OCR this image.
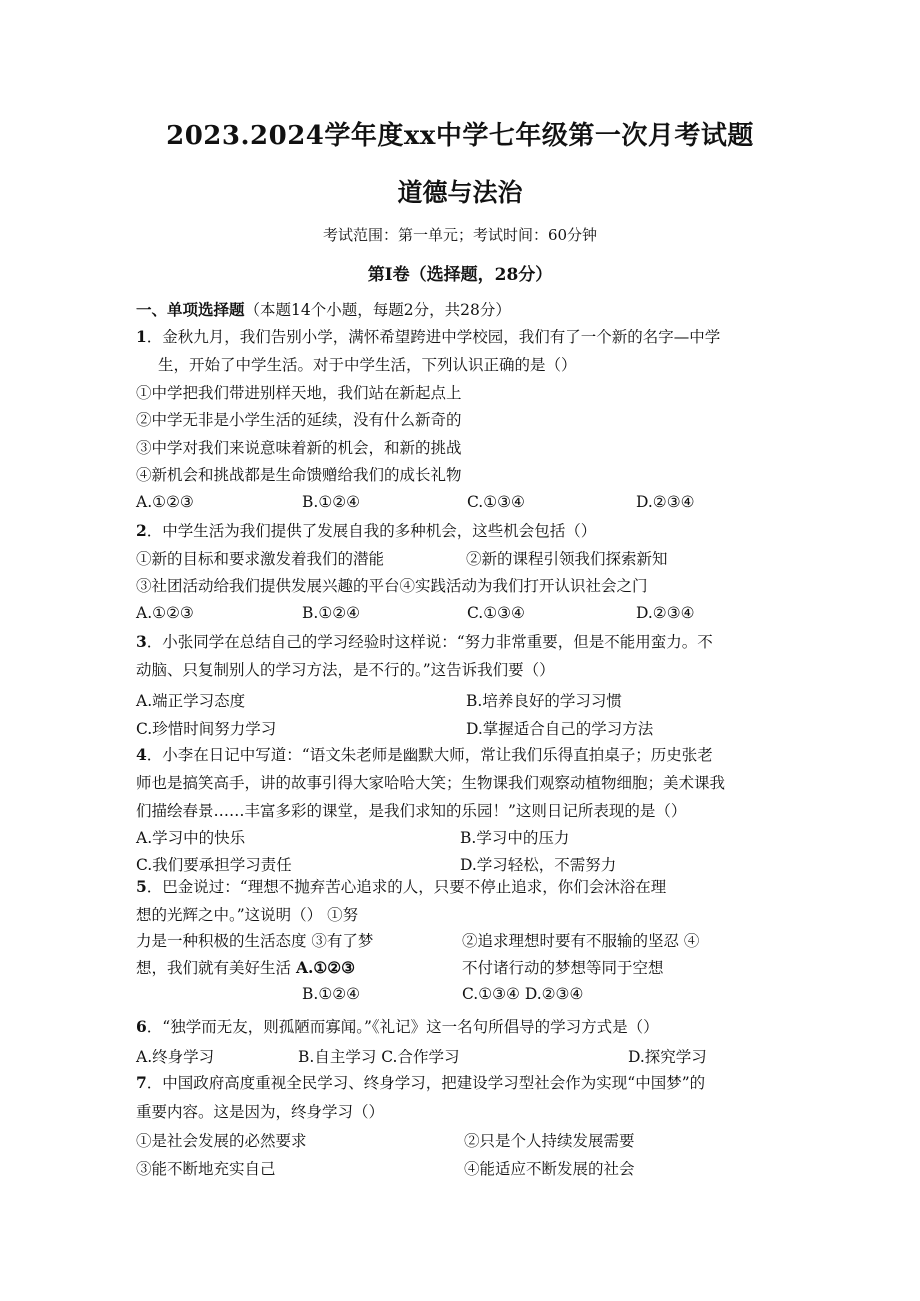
2023.2024学年度xx中学七年级第一次月考试题
道德与法治
考试范围：第一单元；考试时间：60分钟
第Ⅰ卷（选择题，28分）
一、单项选择题（本题14个小题，每题2分，共28分）
1．金秋九月，我们告别小学，满怀希望跨进中学校园，我们有了一个新的名字—中学
生，开始了中学生活。对于中学生活，下列认识正确的是（）
①中学把我们带进别样天地，我们站在新起点上
②中学无非是小学生活的延续，没有什么新奇的
③中学对我们来说意味着新的机会，和新的挑战
④新机会和挑战都是生命馈赠给我们的成长礼物
A.①②③	B.①②④	C.①③④	D.②③④
2．中学生活为我们提供了发展自我的多种机会，这些机会包括（）
①新的目标和要求激发着我们的潜能	②新的课程引领我们探索新知
③社团活动给我们提供发展兴趣的平台④实践活动为我们打开认识社会之门
A.①②③	B.①②④	C.①③④	D.②③④
3．小张同学在总结自己的学习经验时这样说：“努力非常重要，但是不能用蛮力。不
动脑、只复制别人的学习方法，是不行的。”这告诉我们要（）
A.端正学习态度	B.培养良好的学习习惯
C.珍惜时间努力学习	D.掌握适合自己的学习方法
4．小李在日记中写道：“语文朱老师是幽默大师，常让我们乐得直拍桌子；历史张老
师也是搞笑高手，讲的故事引得大家哈哈大笑；生物课我们观察动植物细胞；美术课我
们描绘春景……丰富多彩的课堂，是我们求知的乐园！”这则日记所表现的是（）
A.学习中的快乐	B.学习中的压力
C.我们要承担学习责任	D.学习轻松，不需努力
5．巴金说过：“理想不抛弃苦心追求的人，只要不停止追求，你们会沐浴在理
想的光辉之中。”这说明（） ①努
力是一种积极的生活态度 ③有了梦	②追求理想时要有不服输的坚忍 ④
想，我们就有美好生活 A.①②③	不付诸行动的梦想等同于空想
B.①②④	C.①③④ D.②③④
6．“独学而无友，则孤陋而寡闻。”《礼记》这一名句所倡导的学习方式是（）
A.终身学习	B.自主学习 C.合作学习	D.探究学习
7．中国政府高度重视全民学习、终身学习，把建设学习型社会作为实现“中国梦”的
重要内容。这是因为，终身学习（）
①是社会发展的必然要求	②只是个人持续发展需要
③能不断地充实自己	④能适应不断发展的社会
